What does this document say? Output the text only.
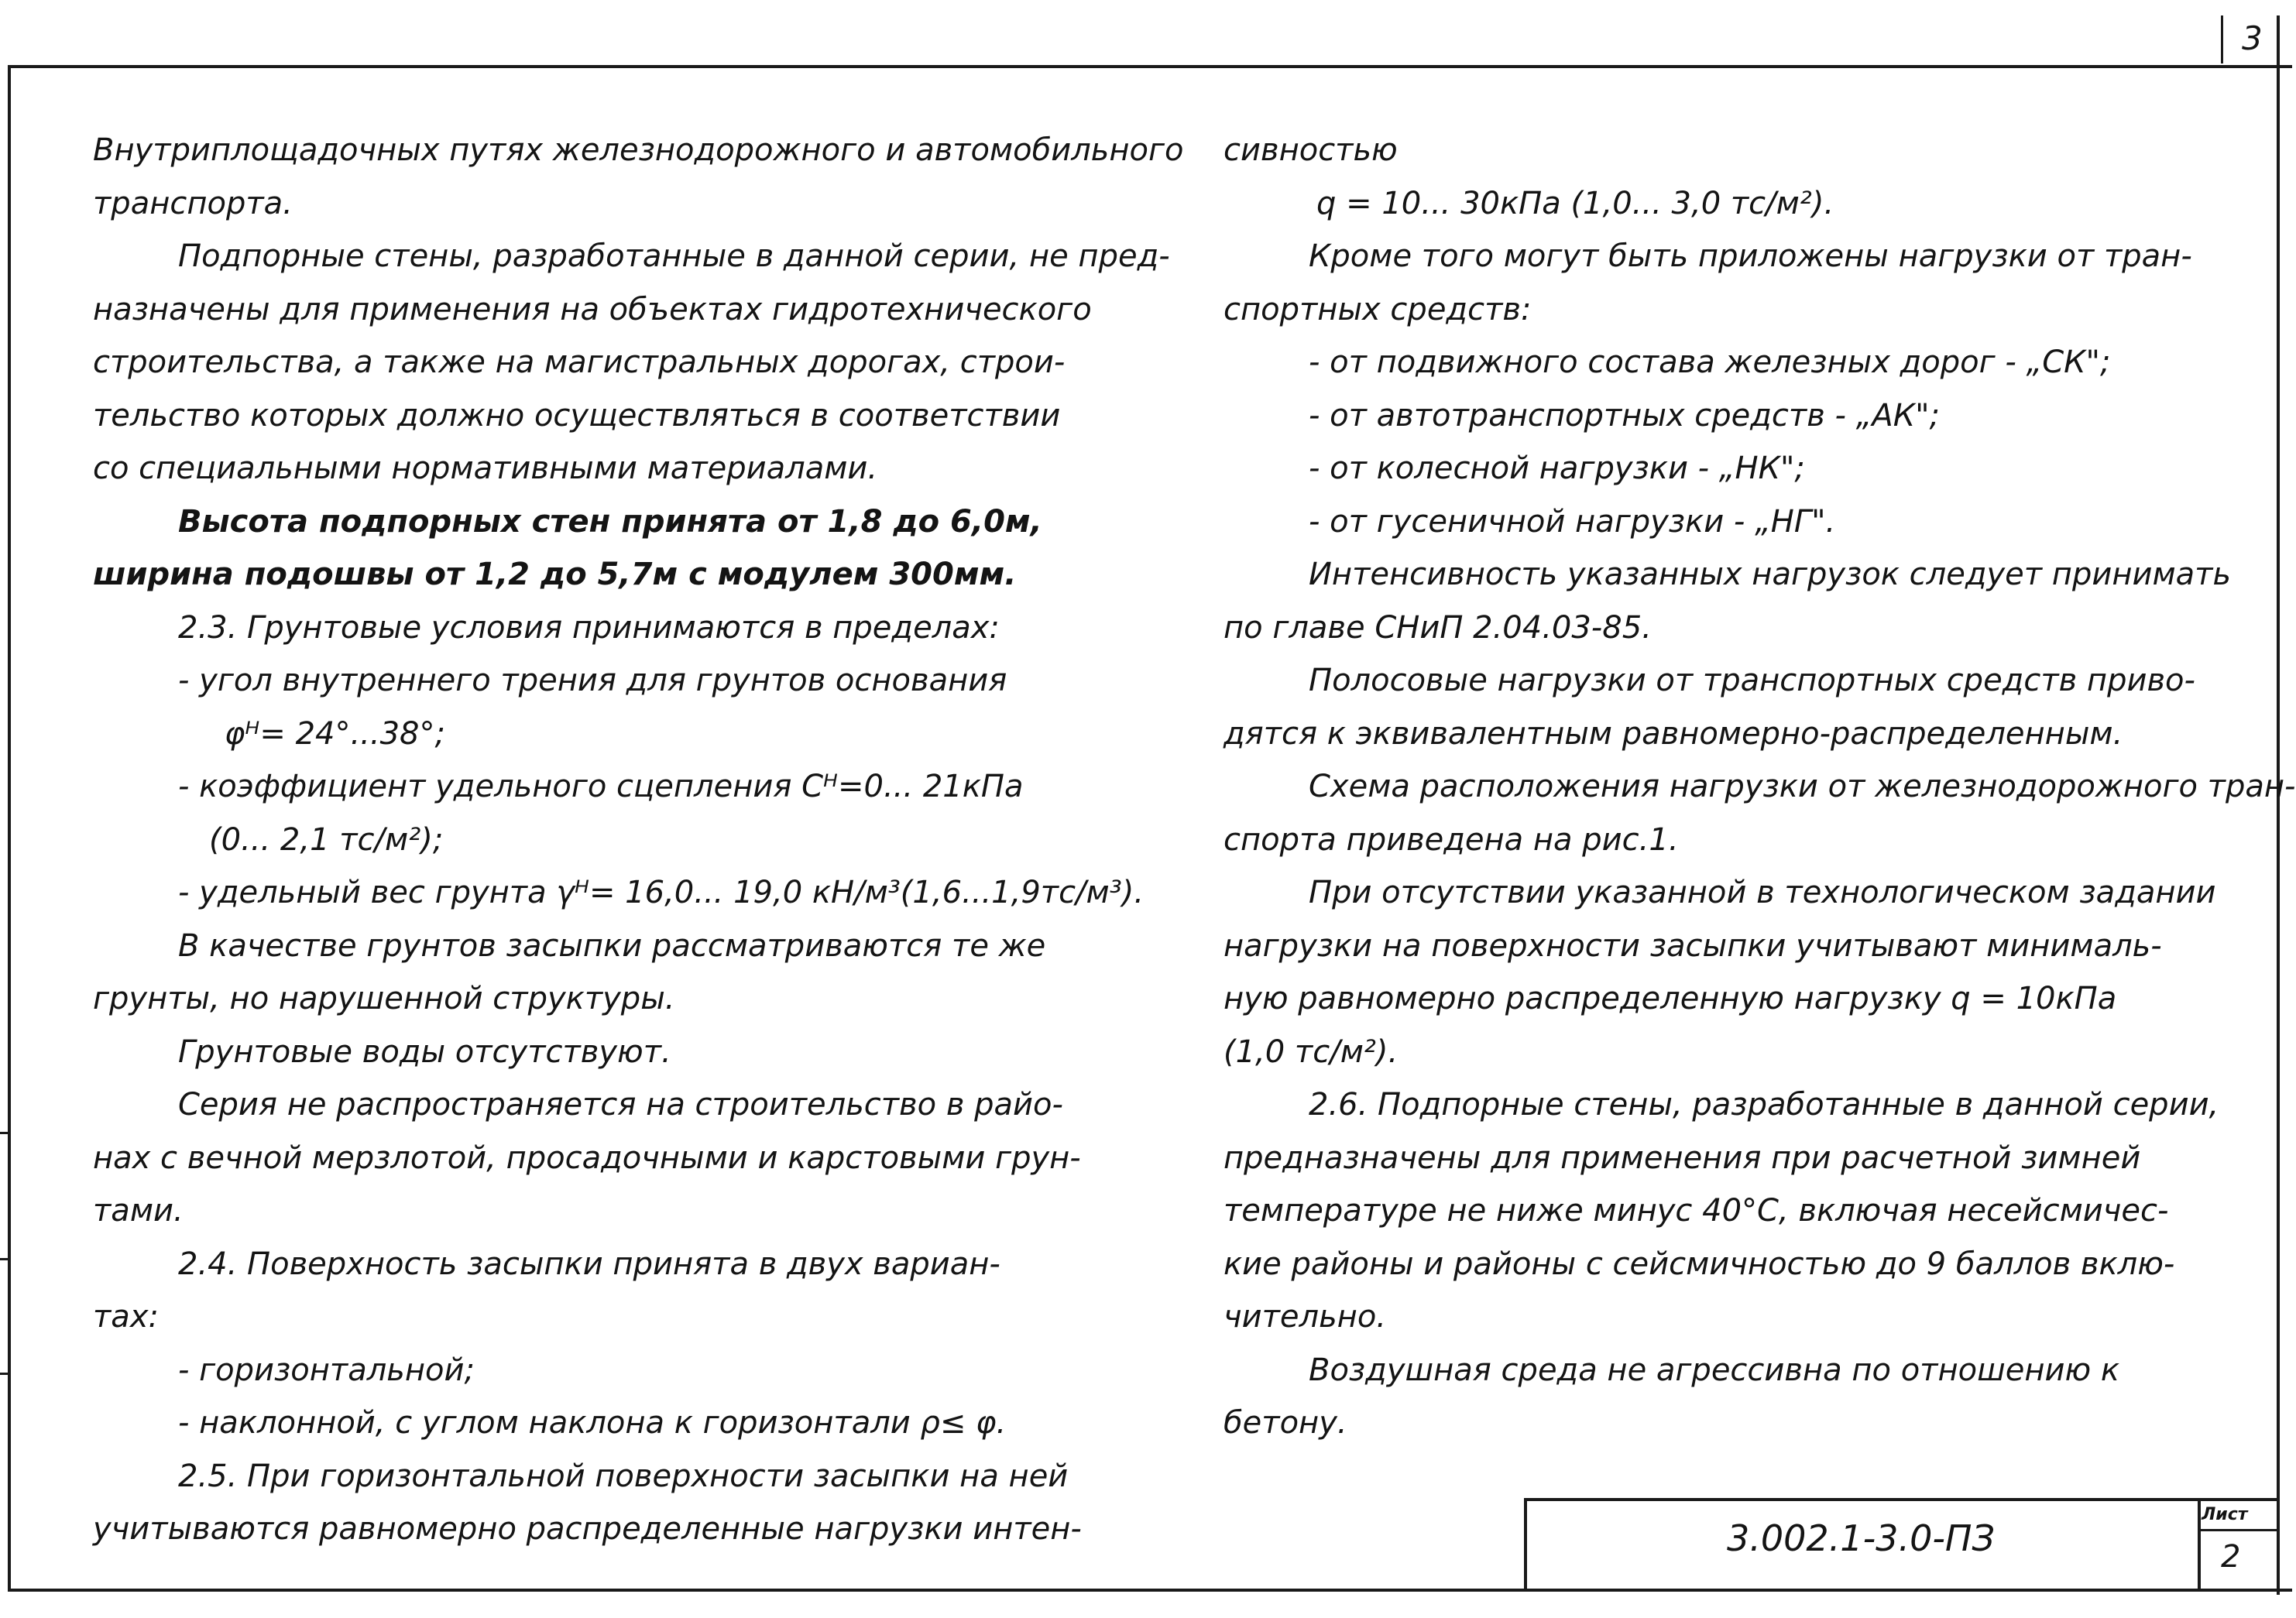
3

Внутриплощадочных путях железнодорожного и автомобильного

транспорта.

Подпорные стены, разработанные в данной серии, не пред-

назначены для применения на объектах гидротехнического

строительства, а также на магистральных дорогах, строи-

тельство которых должно осуществляться в соответствии

со специальными нормативными материалами.

Высота подпорных стен принята от 1,8 до 6,0м,

ширина подошвы от 1,2 до 5,7м с модулем 300мм.

2.3. Грунтовые условия принимаются в пределах:

- угол внутреннего трения для грунтов основания

φᴴ= 24°...38°;

- коэффициент удельного сцепления Сᴴ=0... 21кПа

(0... 2,1 тс/м²);

- удельный вес грунта γᴴ= 16,0... 19,0 кН/м³(1,6...1,9тс/м³).

В качестве грунтов засыпки рассматриваются те же

грунты, но нарушенной структуры.

Грунтовые воды отсутствуют.

Серия не распространяется на строительство в райо-

нах с вечной мерзлотой, просадочными и карстовыми грун-

тами.

2.4. Поверхность засыпки принята в двух вариан-

тах:

- горизонтальной;

- наклонной, с углом наклона к горизонтали ρ≤ φ.

2.5. При горизонтальной поверхности засыпки на ней

учитываются равномерно распределенные нагрузки интен-

сивностью

q = 10... 30кПа (1,0... 3,0 тс/м²).

Кроме того могут быть приложены нагрузки от тран-

спортных средств:

- от подвижного состава железных дорог - „СК";

- от автотранспортных средств - „АК";

- от колесной нагрузки - „НК";

- от гусеничной нагрузки - „НГ".

Интенсивность указанных нагрузок следует принимать

по главе СНиП 2.04.03-85.

Полосовые нагрузки от транспортных средств приво-

дятся к эквивалентным равномерно-распределенным.

Схема расположения нагрузки от железнодорожного тран-

спорта приведена на рис.1.

При отсутствии указанной в технологическом задании

нагрузки на поверхности засыпки учитывают минималь-

ную равномерно распределенную нагрузку q = 10кПа

(1,0 тс/м²).

2.6. Подпорные стены, разработанные в данной серии,

предназначены для применения при расчетной зимней

температуре не ниже минус 40°С, включая несейсмичес-

кие районы и районы с сейсмичностью до 9 баллов вклю-

чительно.

Воздушная среда не агрессивна по отношению к

бетону.

3.002.1-3.0-ПЗ
Лист
2
